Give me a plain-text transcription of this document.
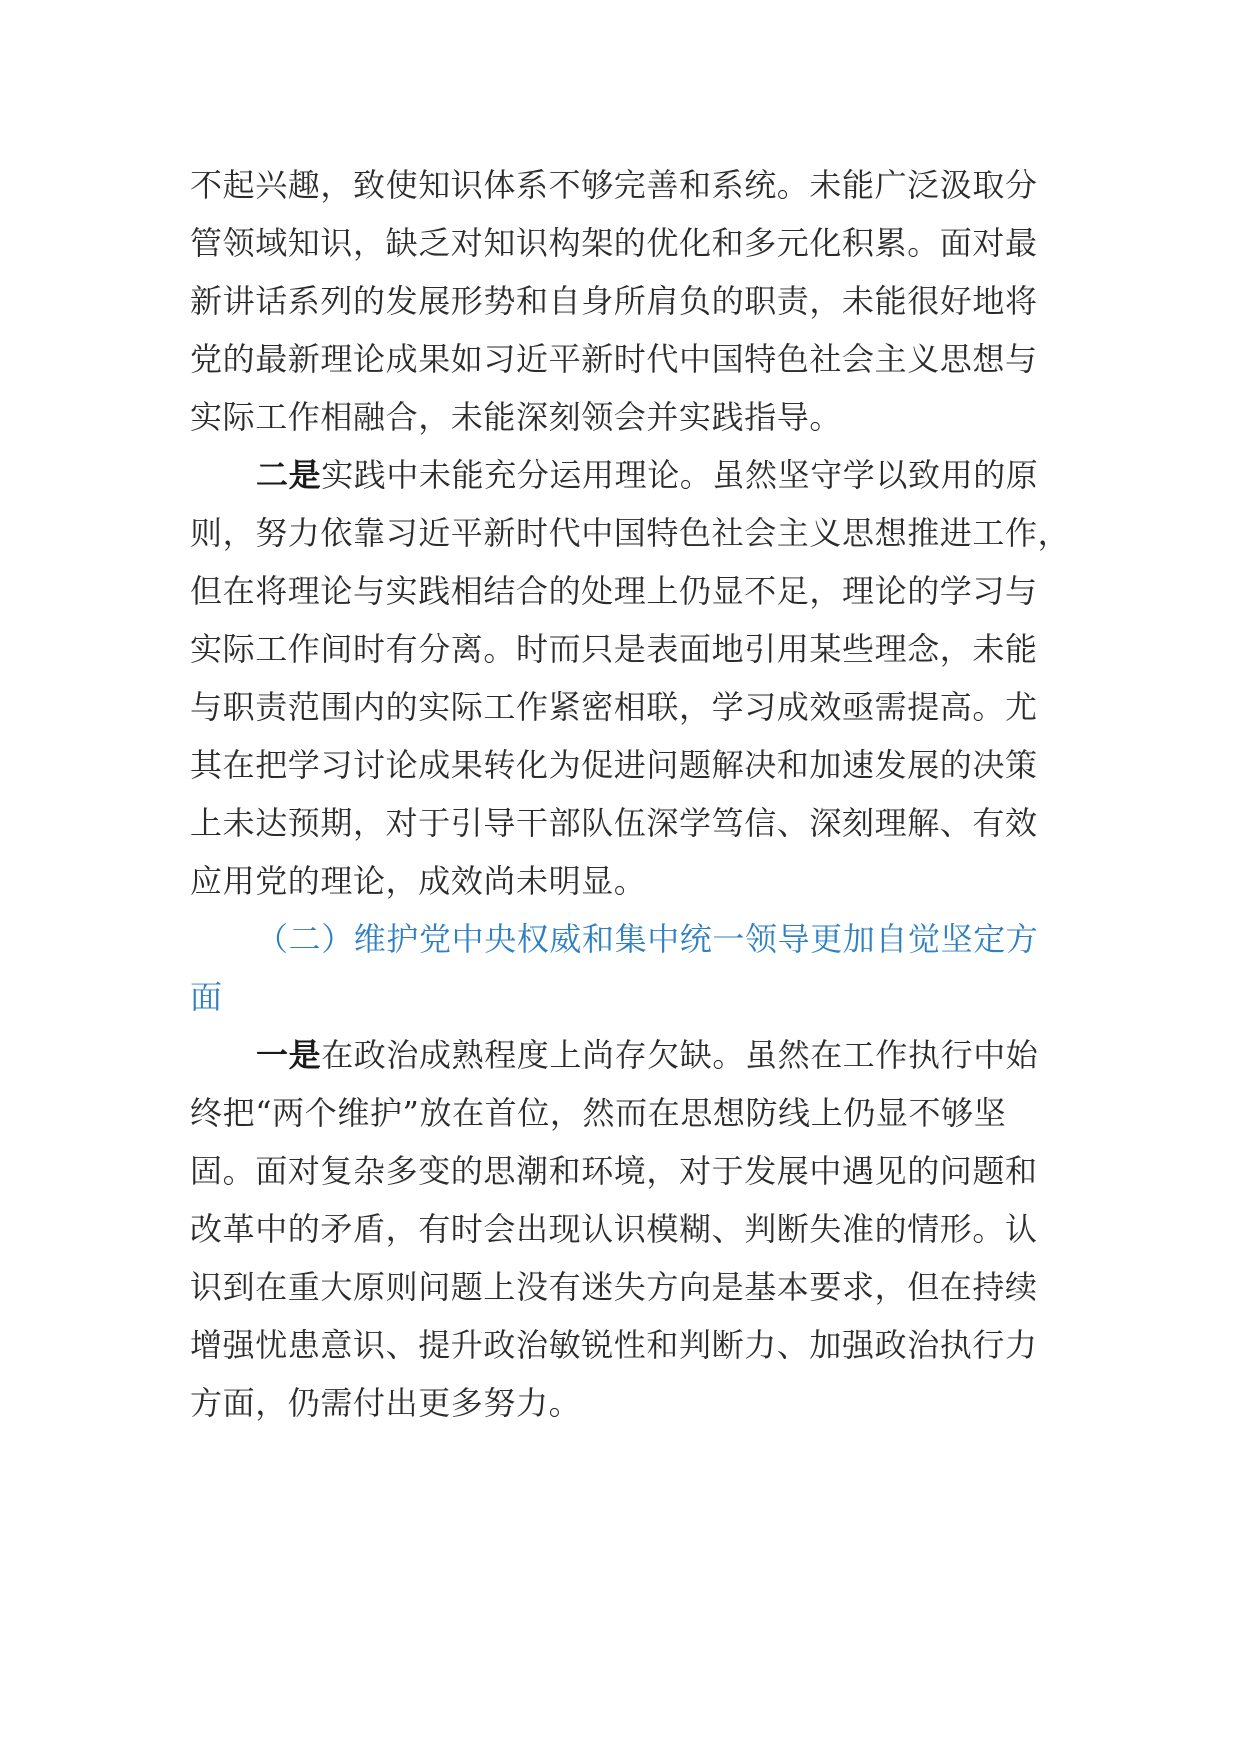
不起兴趣，致使知识体系不够完善和系统。未能广泛汲取分
管领域知识，缺乏对知识构架的优化和多元化积累。面对最
新讲话系列的发展形势和自身所肩负的职责，未能很好地将
党的最新理论成果如习近平新时代中国特色社会主义思想与
实际工作相融合，未能深刻领会并实践指导。
二是实践中未能充分运用理论。虽然坚守学以致用的原
则，努力依靠习近平新时代中国特色社会主义思想推进工作，
但在将理论与实践相结合的处理上仍显不足，理论的学习与
实际工作间时有分离。时而只是表面地引用某些理念，未能
与职责范围内的实际工作紧密相联，学习成效亟需提高。尤
其在把学习讨论成果转化为促进问题解决和加速发展的决策
上未达预期，对于引导干部队伍深学笃信、深刻理解、有效
应用党的理论，成效尚未明显。
（二）维护党中央权威和集中统一领导更加自觉坚定方
面
一是在政治成熟程度上尚存欠缺。虽然在工作执行中始
终把“两个维护”放在首位，然而在思想防线上仍显不够坚
固。面对复杂多变的思潮和环境，对于发展中遇见的问题和
改革中的矛盾，有时会出现认识模糊、判断失准的情形。认
识到在重大原则问题上没有迷失方向是基本要求，但在持续
增强忧患意识、提升政治敏锐性和判断力、加强政治执行力
方面，仍需付出更多努力。
